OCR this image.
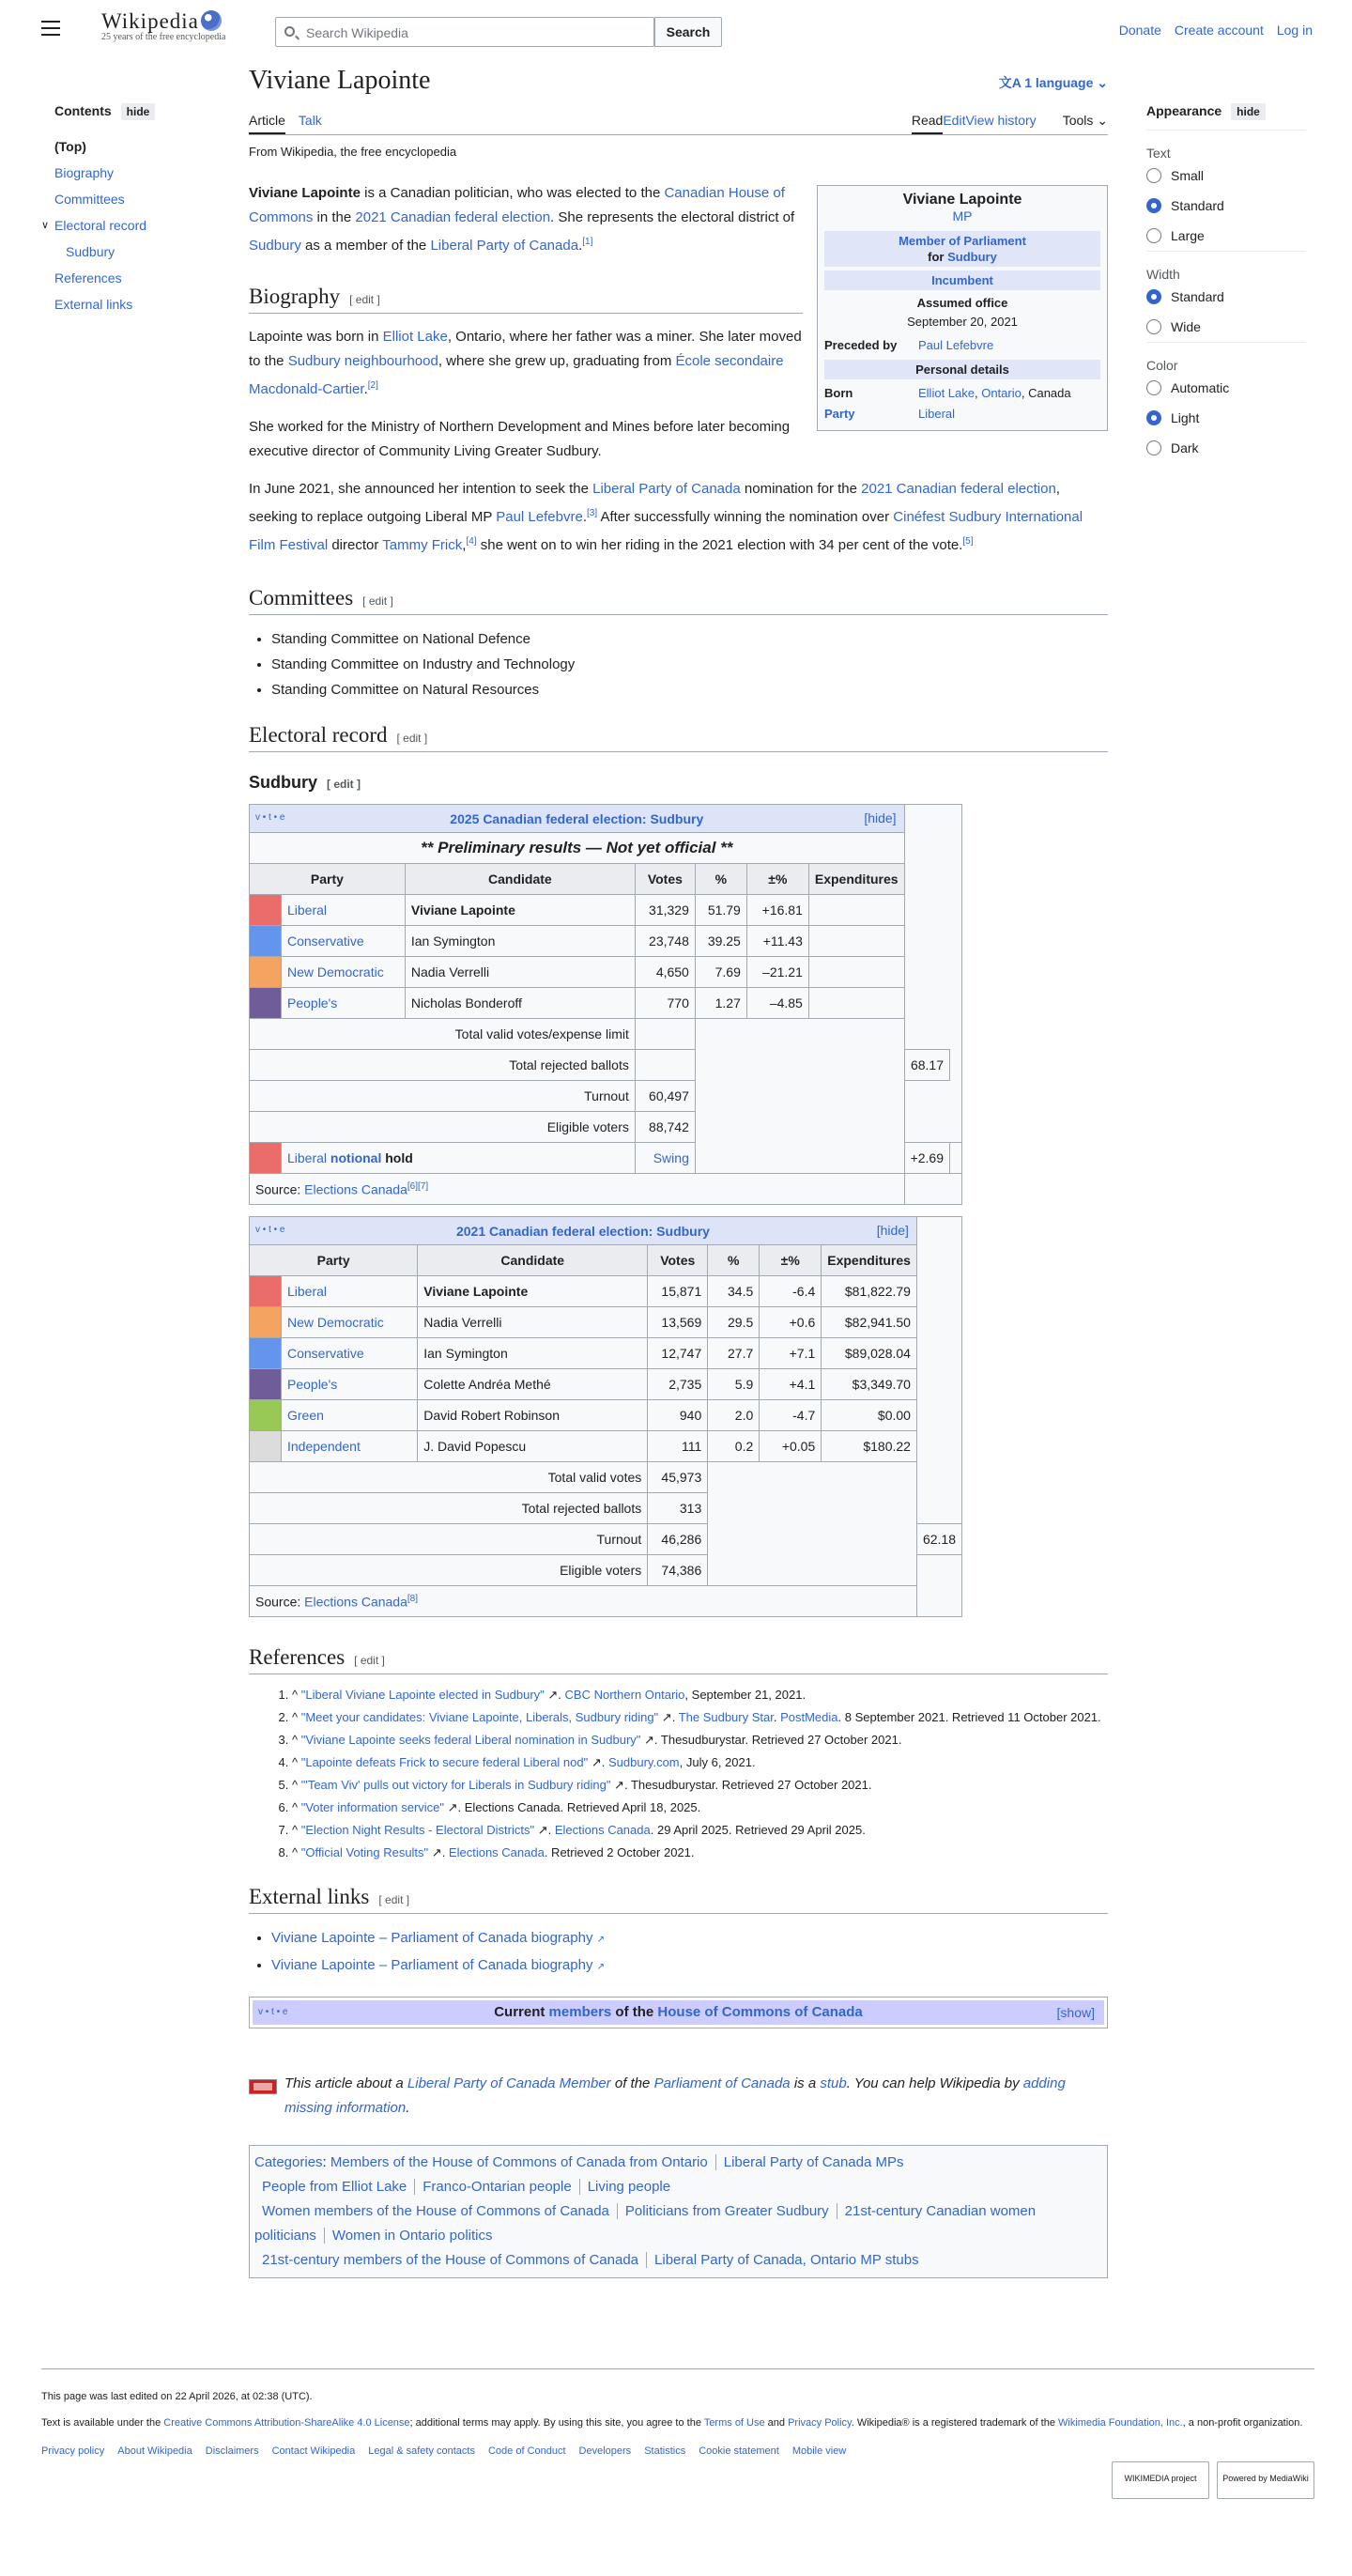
Wikipedia
25 years of the free encyclopedia
Search Wikipedia	Search	Donate Create account Log in
Contents hide
(Top)
Biography
Committees
∨ Electoral record
Sudbury
References
External links
Appearance hide
Text
Small
Standard
Large
Width
Standard
Wide
Color
Automatic
Light
Dark
Viviane Lapointe	文A 1 language ⌄
Article Talk	ReadEditView history Tools ⌄
From Wikipedia, the free encyclopedia
Viviane Lapointe
MP
Member of Parliament
for Sudbury
Incumbent
Assumed office
September 20, 2021
Preceded by	Paul Lefebvre
Personal details
Born	Elliot Lake, Ontario, Canada
Party	Liberal

Viviane Lapointe is a Canadian politician, who was elected to the Canadian House of Commons in the 2021 Canadian federal election. She represents the electoral district of Sudbury as a member of the Liberal Party of Canada.[1]

Biography [ edit ]

Lapointe was born in Elliot Lake, Ontario, where her father was a miner. She later moved to the Sudbury neighbourhood, where she grew up, graduating from École secondaire Macdonald-Cartier.[2]

She worked for the Ministry of Northern Development and Mines before later becoming executive director of Community Living Greater Sudbury.

In June 2021, she announced her intention to seek the Liberal Party of Canada nomination for the 2021 Canadian federal election, seeking to replace outgoing Liberal MP Paul Lefebvre.[3] After successfully winning the nomination over Cinéfest Sudbury International Film Festival director Tammy Frick,[4] she went on to win her riding in the 2021 election with 34 per cent of the vote.[5]

Committees [ edit ]
• Standing Committee on National Defence
• Standing Committee on Industry and Technology
• Standing Committee on Natural Resources
Electoral record [ edit ]
Sudbury [ edit ]
v • t • e 2025 Canadian federal election: Sudbury [hide]								

** Preliminary results — Not yet official **								
Party		Candidate	Votes	%	±%	Expenditures		
	Liberal	Viviane Lapointe	31,329	51.79	+16.81			
	Conservative	Ian Symington	23,748	39.25	+11.43			
	New Democratic	Nadia Verrelli	4,650	7.69	–21.21			
	People's	Nicholas Bonderoff	770	1.27	–4.85			
Total valid votes/expense limit								
Total rejected ballots							68.17	
Turnout			60,497					
Eligible voters			88,742					
	Liberal notional hold		Swing				+2.69	
Source: Elections Canada[6][7]
v • t • e 2021 Canadian federal election: Sudbury [hide]							

Party		Candidate	Votes	%	±%	Expenditures	
	Liberal	Viviane Lapointe	15,871	34.5	-6.4	$81,822.79	
	New Democratic	Nadia Verrelli	13,569	29.5	+0.6	$82,941.50	
	Conservative	Ian Symington	12,747	27.7	+7.1	$89,028.04	
	People's	Colette Andréa Methé	2,735	5.9	+4.1	$3,349.70	
	Green	David Robert Robinson	940	2.0	-4.7	$0.00	
	Independent	J. David Popescu	111	0.2	+0.05	$180.22	
Total valid votes			45,973				
Total rejected ballots			313				
Turnout			46,286				62.18
Eligible voters			74,386				
Source: Elections Canada[8]
References [ edit ]
1. ^ "Liberal Viviane Lapointe elected in Sudbury" ↗. CBC Northern Ontario, September 21, 2021.
2. ^ "Meet your candidates: Viviane Lapointe, Liberals, Sudbury riding" ↗. The Sudbury Star. PostMedia. 8 September 2021. Retrieved 11 October 2021.
3. ^ "Viviane Lapointe seeks federal Liberal nomination in Sudbury" ↗. Thesudburystar. Retrieved 27 October 2021.
4. ^ "Lapointe defeats Frick to secure federal Liberal nod" ↗. Sudbury.com, July 6, 2021.
5. ^ "'Team Viv' pulls out victory for Liberals in Sudbury riding" ↗. Thesudburystar. Retrieved 27 October 2021.
6. ^ "Voter information service" ↗. Elections Canada. Retrieved April 18, 2025.
7. ^ "Election Night Results - Electoral Districts" ↗. Elections Canada. 29 April 2025. Retrieved 29 April 2025.
8. ^ "Official Voting Results" ↗. Elections Canada. Retrieved 2 October 2021.
External links [ edit ]
• Viviane Lapointe – Parliament of Canada biography ↗
• Viviane Lapointe – Parliament of Canada biography ↗
v • t • e	Current members of the House of Commons of Canada	[show]
This article about a Liberal Party of Canada Member of the Parliament of Canada is a stub. You can help Wikipedia by adding missing information.
Categories: Members of the House of Commons of Canada from Ontario Liberal Party of Canada MPs
People from Elliot Lake Franco-Ontarian people Living people
Women members of the House of Commons of Canada Politicians from Greater Sudbury 21st-century Canadian women politicians Women in Ontario politics
21st-century members of the House of Commons of Canada Liberal Party of Canada, Ontario MP stubs
This page was last edited on 22 April 2026, at 02:38 (UTC).
Text is available under the Creative Commons Attribution-ShareAlike 4.0 License; additional terms may apply. By using this site, you agree to the Terms of Use and Privacy Policy. Wikipedia® is a registered trademark of the Wikimedia Foundation, Inc., a non-profit organization.
Privacy policy About Wikipedia Disclaimers Contact Wikipedia Legal & safety contacts Code of Conduct Developers Statistics Cookie statement Mobile view
WIKIMEDIA project	Powered by MediaWiki
